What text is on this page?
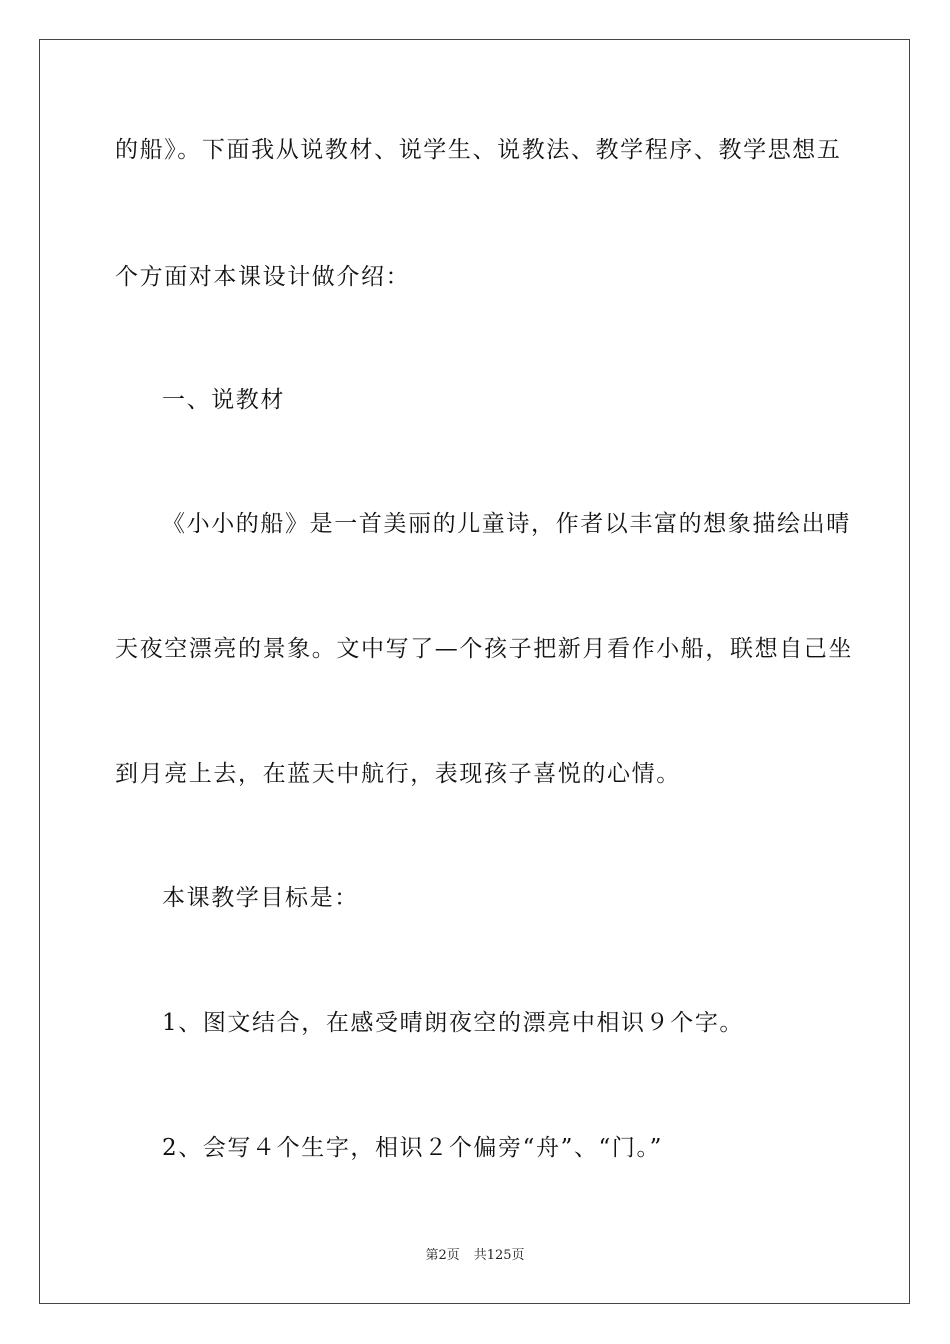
的船》。下面我从说教材、说学生、说教法、教学程序、教学思想五
个方面对本课设计做介绍：
一、说教材
《小小的船》是一首美丽的儿童诗，作者以丰富的想象描绘出晴
天夜空漂亮的景象。文中写了—个孩子把新月看作小船，联想自己坐
到月亮上去，在蓝天中航行，表现孩子喜悦的心情。
本课教学目标是：
1、图文结合，在感受晴朗夜空的漂亮中相识９个字。
2、会写４个生字，相识２个偏旁“舟”、“门。”
第2页 共125页
